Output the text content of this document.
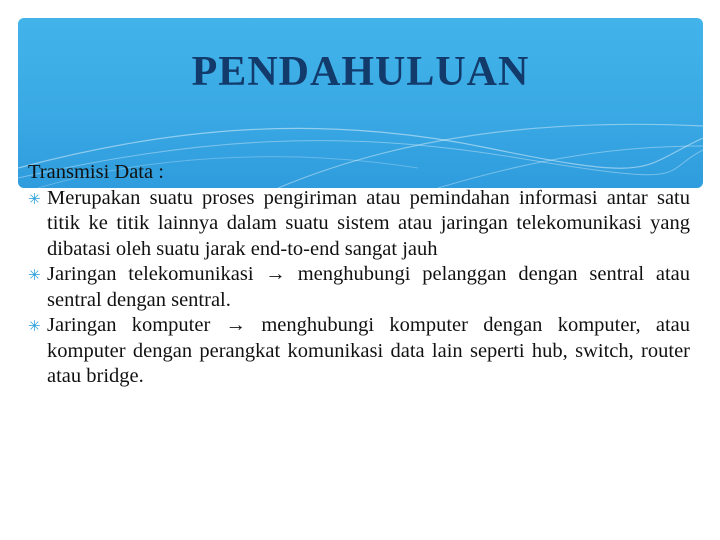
PENDAHULUAN

Transmisi Data :

✳ Merupakan suatu proses pengiriman atau pemindahan informasi antar satu titik ke titik lainnya dalam suatu sistem atau jaringan telekomunikasi yang dibatasi oleh suatu jarak end-to-end sangat jauh
✳ Jaringan telekomunikasi → menghubungi pelanggan dengan sentral atau sentral dengan sentral.
✳ Jaringan komputer → menghubungi komputer dengan komputer, atau komputer dengan perangkat komunikasi data lain seperti hub, switch, router atau bridge.
